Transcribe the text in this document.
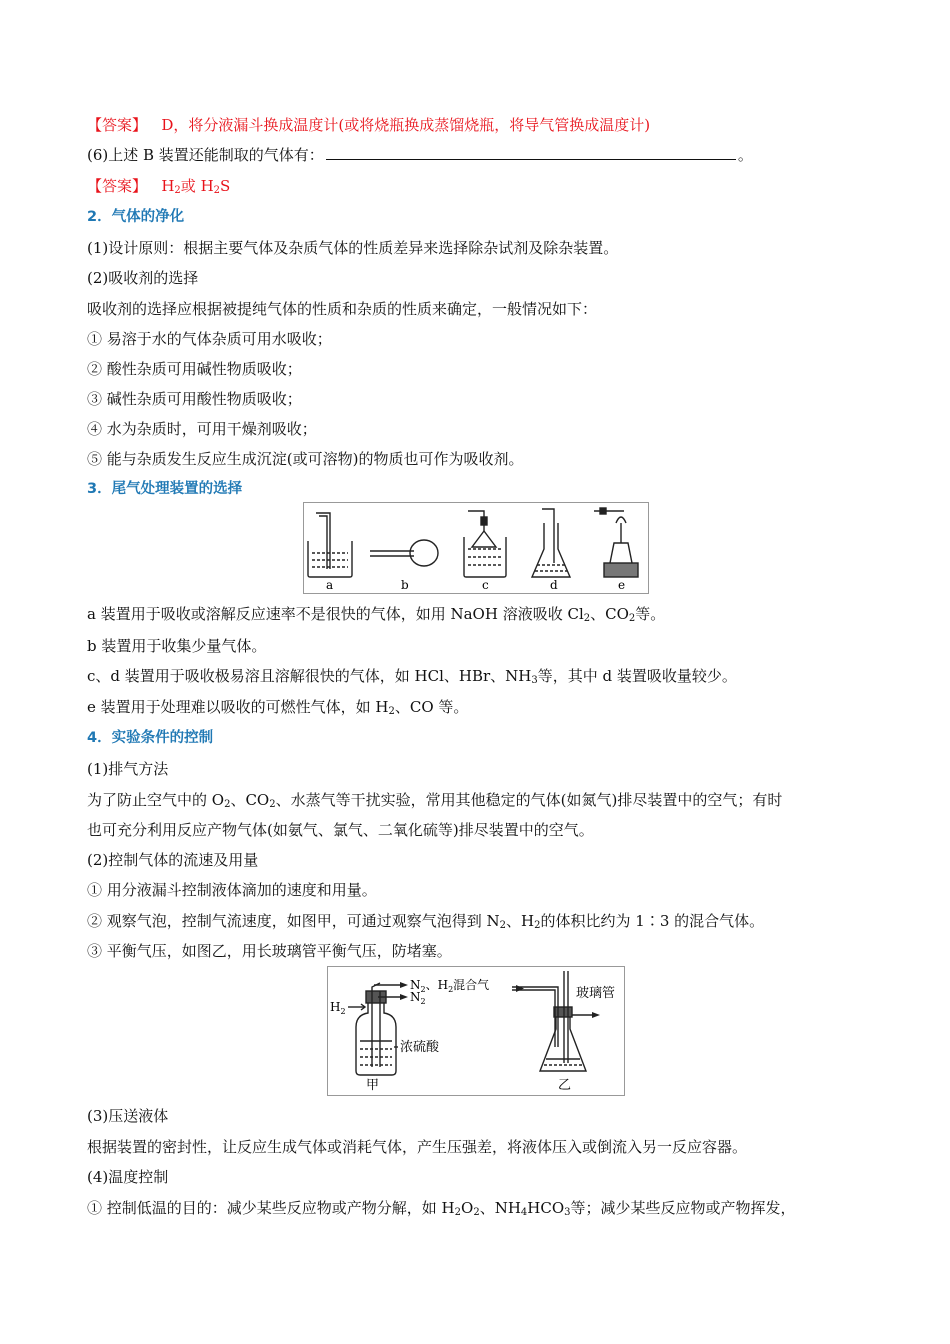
【答案】 D，将分液漏斗换成温度计(或将烧瓶换成蒸馏烧瓶，将导气管换成温度计)
(6)上述 B 装置还能制取的气体有：	。
【答案】 $H_2$或 $H_2S$
2．气体的净化
(1)设计原则：根据主要气体及杂质气体的性质差异来选择除杂试剂及除杂装置。
(2)吸收剂的选择
吸收剂的选择应根据被提纯气体的性质和杂质的性质来确定，一般情况如下：
① 易溶于水的气体杂质可用水吸收；
② 酸性杂质可用碱性物质吸收；
③ 碱性杂质可用酸性物质吸收；
④ 水为杂质时，可用干燥剂吸收；
⑤ 能与杂质发生反应生成沉淀(或可溶物)的物质也可作为吸收剂。
3．尾气处理装置的选择
a	b	c	d	e
a 装置用于吸收或溶解反应速率不是很快的气体，如用 NaOH 溶液吸收 $Cl_2$、$CO_2$等。
b 装置用于收集少量气体。
c、d 装置用于吸收极易溶且溶解很快的气体，如 HCl、HBr、$NH_3$等，其中 d 装置吸收量较少。
e 装置用于处理难以吸收的可燃性气体，如 $H_2$、CO 等。
4．实验条件的控制
(1)排气方法
为了防止空气中的 $O_2$、$CO_2$、水蒸气等干扰实验，常用其他稳定的气体(如氮气)排尽装置中的空气；有时
也可充分利用反应产物气体(如氨气、氯气、二氧化硫等)排尽装置中的空气。
(2)控制气体的流速及用量
① 用分液漏斗控制液体滴加的速度和用量。
② 观察气泡，控制气流速度，如图甲，可通过观察气泡得到 $N_2$、$H_2$的体积比约为 1∶3 的混合气体。
③ 平衡气压，如图乙，用长玻璃管平衡气压，防堵塞。
$H_2$
$N_2$、$H_2$混合气
$N_2$
浓硫酸
甲
玻璃管
乙
(3)压送液体
根据装置的密封性，让反应生成气体或消耗气体，产生压强差，将液体压入或倒流入另一反应容器。
(4)温度控制
① 控制低温的目的：减少某些反应物或产物分解，如 $H_2O_2$、$NH_4HCO_3$等；减少某些反应物或产物挥发，
